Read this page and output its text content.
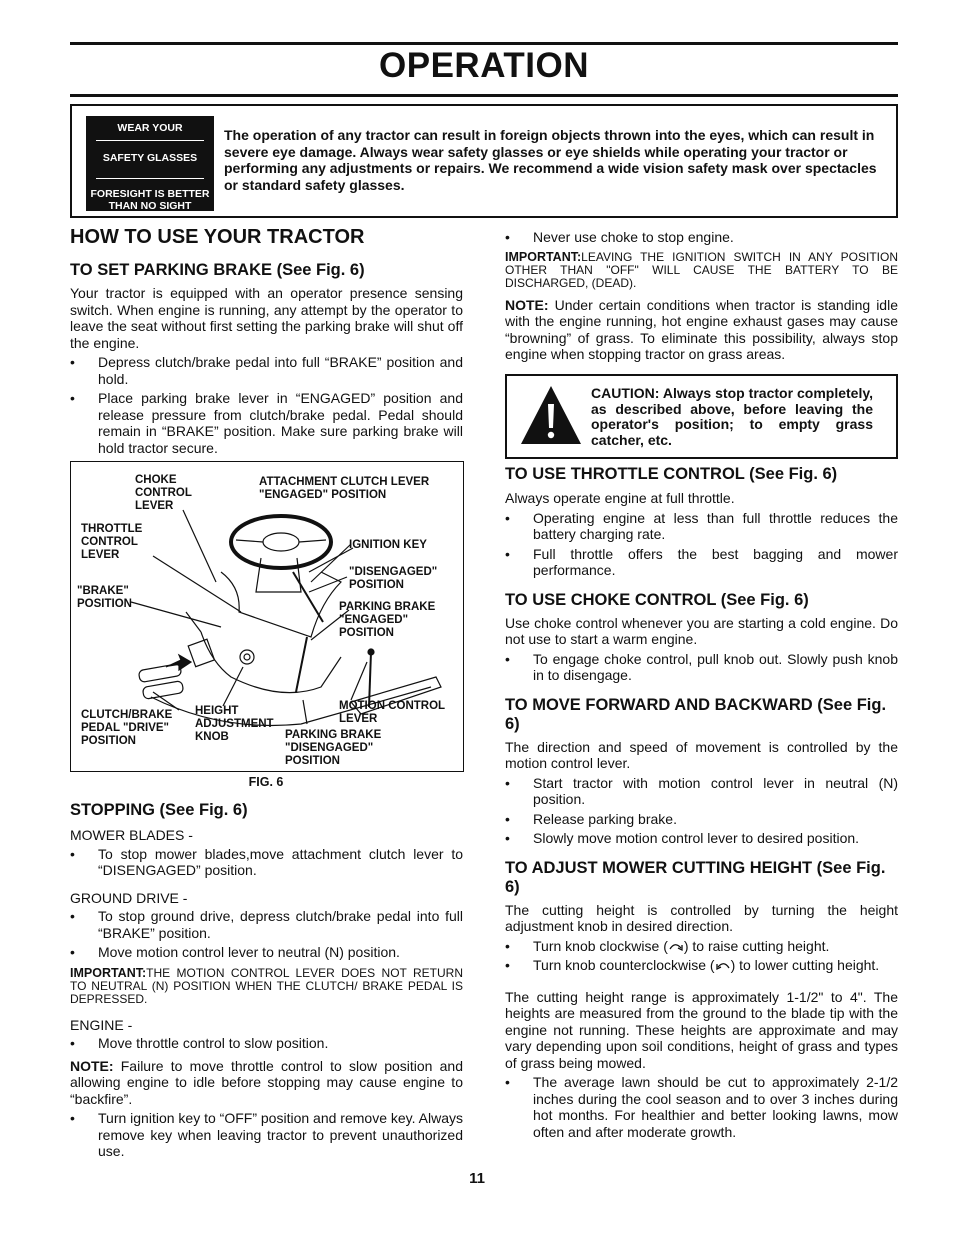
OPERATION
WEAR YOUR
SAFETY GLASSES
FORESIGHT IS BETTER
THAN NO SIGHT
The operation of any tractor can result in foreign objects thrown into the eyes, which can result in severe eye damage. Always wear safety glasses or eye shields while operating your tractor or performing any adjustments or repairs. We recommend a wide vision safety mask over spectacles or standard safety glasses.
HOW TO USE YOUR TRACTOR
TO SET PARKING BRAKE (See Fig. 6)

Your tractor is equipped with an operator presence sensing switch. When engine is running, any attempt by the operator to leave the seat without first setting the parking brake will shut off the engine.

• Depress clutch/brake pedal into full “BRAKE” position and hold.
• Place parking brake lever in “ENGAGED” position and release pressure from clutch/brake pedal. Pedal should remain in “BRAKE” position. Make sure parking brake will hold tractor secure.
CHOKE
CONTROL
LEVER
ATTACHMENT CLUTCH LEVER
"ENGAGED" POSITION
THROTTLE
CONTROL
LEVER
IGNITION KEY
"DISENGAGED"
POSITION
"BRAKE"
POSITION	PARKING BRAKE
"ENGAGED"
POSITION
CLUTCH/BRAKE
PEDAL "DRIVE"
POSITION
HEIGHT
ADJUSTMENT
KNOB
MOTION CONTROL
LEVER
PARKING BRAKE
"DISENGAGED"
POSITION
FIG. 6
STOPPING (See Fig. 6)

MOWER BLADES -

• To stop mower blades,move attachment clutch lever to “DISENGAGED” position.

GROUND DRIVE -

• To stop ground drive, depress clutch/brake pedal into full “BRAKE” position.
• Move motion control lever to neutral (N) position.
IMPORTANT:THE MOTION CONTROL LEVER DOES NOT RETURN TO NEUTRAL (N) POSITION WHEN THE CLUTCH/ BRAKE PEDAL IS DEPRESSED.

ENGINE -

• Move throttle control to slow position.

NOTE: Failure to move throttle control to slow position and allowing engine to idle before stopping may cause engine to “backfire”.

• Turn ignition key to “OFF” position and remove key. Always remove key when leaving tractor to prevent unauthorized use.
• Never use choke to stop engine.
IMPORTANT:LEAVING THE IGNITION SWITCH IN ANY POSITION OTHER THAN "OFF" WILL CAUSE THE BATTERY TO BE DISCHARGED, (DEAD).

NOTE: Under certain conditions when tractor is standing idle with the engine running, hot engine exhaust gases may cause “browning” of grass. To eliminate this possibility, always stop engine when stopping tractor on grass areas.

CAUTION: Always stop tractor completely, as described above, before leaving the operator's position; to empty grass catcher, etc.
TO USE THROTTLE CONTROL (See Fig. 6)

Always operate engine at full throttle.

• Operating engine at less than full throttle reduces the battery charging rate.
• Full throttle offers the best bagging and mower performance.
TO USE CHOKE CONTROL (See Fig. 6)

Use choke control whenever you are starting a cold engine. Do not use to start a warm engine.

• To engage choke control, pull knob out. Slowly push knob in to disengage.
TO MOVE FORWARD AND BACKWARD (See Fig. 6)

The direction and speed of movement is controlled by the motion control lever.

• Start tractor with motion control lever in neutral (N) position.
• Release parking brake.
• Slowly move motion control lever to desired position.
TO ADJUST MOWER CUTTING HEIGHT (See Fig. 6)

The cutting height is controlled by turning the height adjustment knob in desired direction.

• Turn knob clockwise ( ) to raise cutting height.
• Turn knob counterclockwise ( ) to lower cutting height.

The cutting height range is approximately 1-1/2" to 4". The heights are measured from the ground to the blade tip with the engine not running. These heights are approximate and may vary depending upon soil conditions, height of grass and types of grass being mowed.

• The average lawn should be cut to approximately 2-1/2 inches during the cool season and to over 3 inches during hot months. For healthier and better looking lawns, mow often and after moderate growth.
11
